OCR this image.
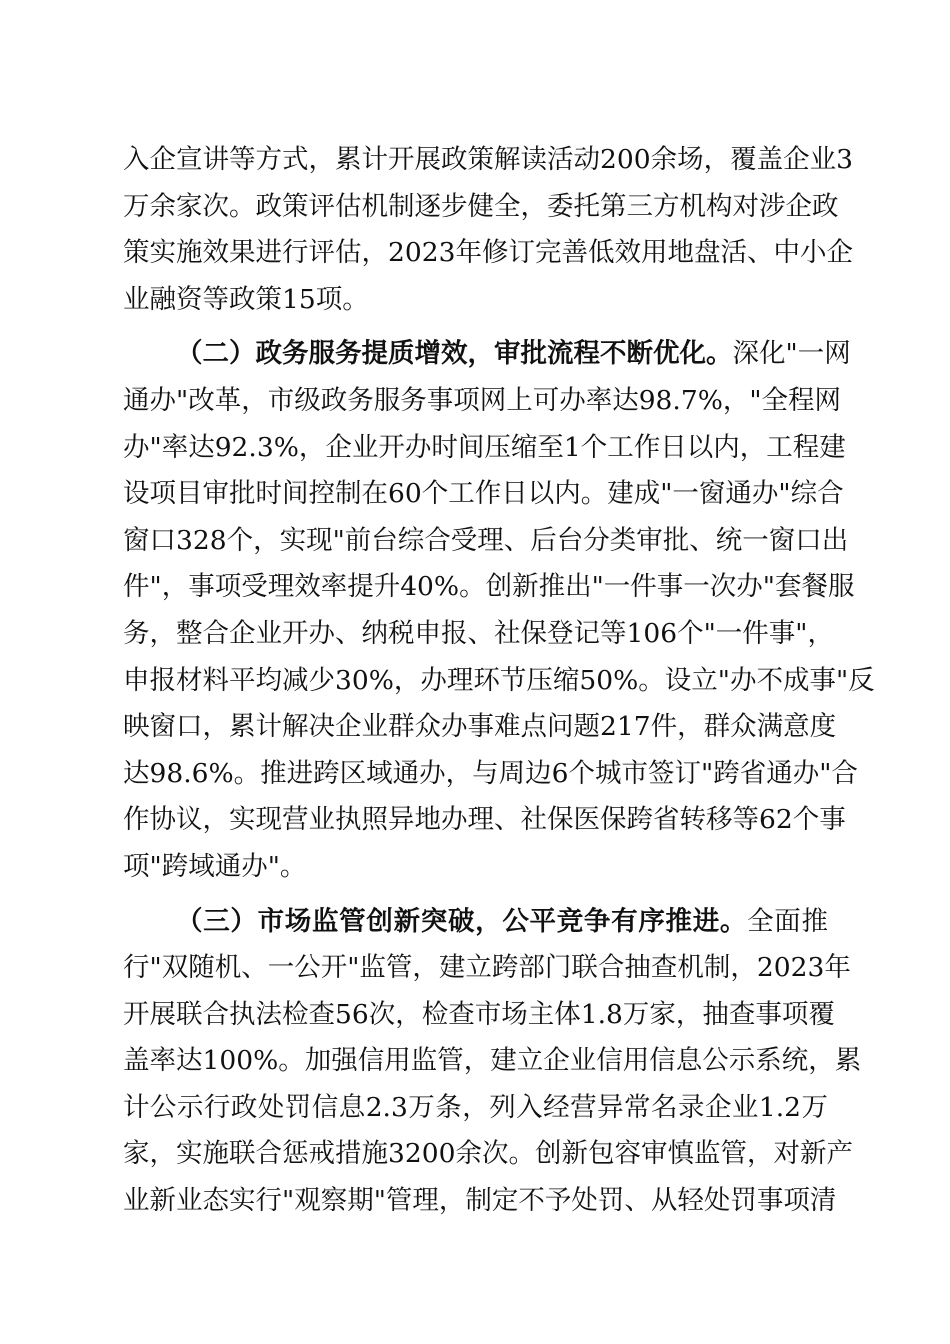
入企宣讲等方式，累计开展政策解读活动200余场，覆盖企业3
万余家次。政策评估机制逐步健全，委托第三方机构对涉企政
策实施效果进行评估，2023年修订完善低效用地盘活、中小企
业融资等政策15项。
（二）政务服务提质增效，审批流程不断优化。深化"一网
通办"改革，市级政务服务事项网上可办率达98.7%，"全程网
办"率达92.3%，企业开办时间压缩至1个工作日以内，工程建
设项目审批时间控制在60个工作日以内。建成"一窗通办"综合
窗口328个，实现"前台综合受理、后台分类审批、统一窗口出
件"，事项受理效率提升40%。创新推出"一件事一次办"套餐服
务，整合企业开办、纳税申报、社保登记等106个"一件事"，
申报材料平均减少30%，办理环节压缩50%。设立"办不成事"反
映窗口，累计解决企业群众办事难点问题217件，群众满意度
达98.6%。推进跨区域通办，与周边6个城市签订"跨省通办"合
作协议，实现营业执照异地办理、社保医保跨省转移等62个事
项"跨域通办"。
（三）市场监管创新突破，公平竞争有序推进。全面推
行"双随机、一公开"监管，建立跨部门联合抽查机制，2023年
开展联合执法检查56次，检查市场主体1.8万家，抽查事项覆
盖率达100%。加强信用监管，建立企业信用信息公示系统，累
计公示行政处罚信息2.3万条，列入经营异常名录企业1.2万
家，实施联合惩戒措施3200余次。创新包容审慎监管，对新产
业新业态实行"观察期"管理，制定不予处罚、从轻处罚事项清
